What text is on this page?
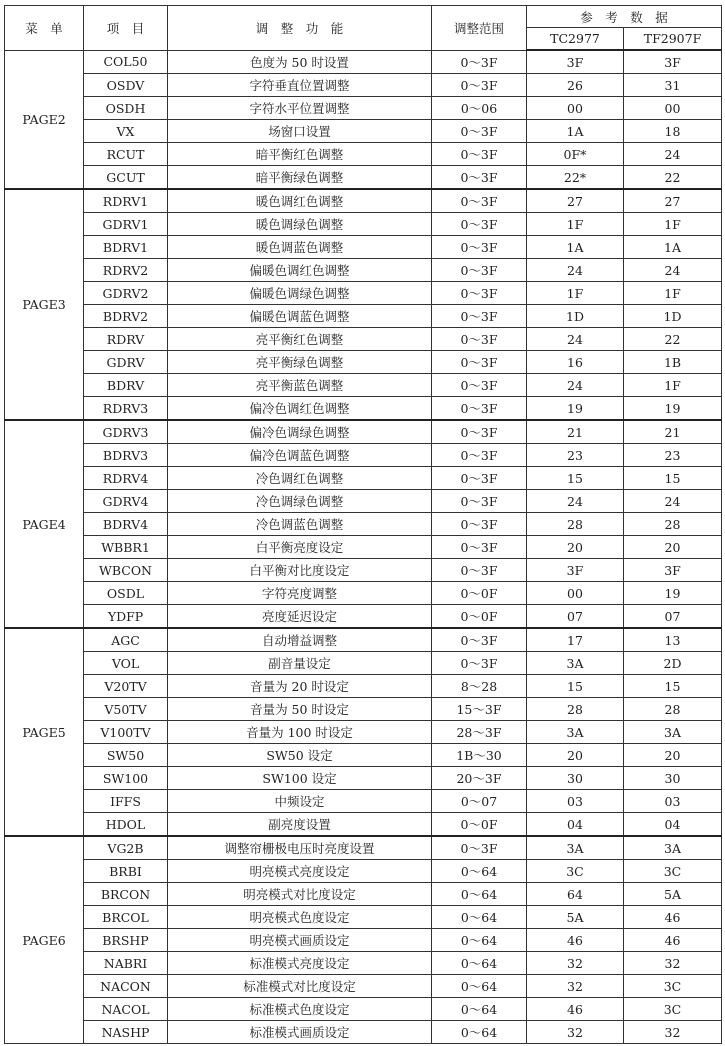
菜　单	项　目	调　整　功　能	调整范围	参　考　数　据	
				TC2977	TF2907F
PAGE2	COL50	色度为 50 时设置	0～3F	3F	3F
	OSDV	字符垂直位置调整	0～3F	26	31
	OSDH	字符水平位置调整	0～06	00	00
	VX	场窗口设置	0～3F	1A	18
	RCUT	暗平衡红色调整	0～3F	0F*	24
	GCUT	暗平衡绿色调整	0～3F	22*	22
PAGE3	RDRV1	暖色调红色调整	0～3F	27	27
	GDRV1	暖色调绿色调整	0～3F	1F	1F
	BDRV1	暖色调蓝色调整	0～3F	1A	1A
	RDRV2	偏暖色调红色调整	0～3F	24	24
	GDRV2	偏暖色调绿色调整	0～3F	1F	1F
	BDRV2	偏暖色调蓝色调整	0～3F	1D	1D
	RDRV	亮平衡红色调整	0～3F	24	22
	GDRV	亮平衡绿色调整	0～3F	16	1B
	BDRV	亮平衡蓝色调整	0～3F	24	1F
	RDRV3	偏冷色调红色调整	0～3F	19	19
PAGE4	GDRV3	偏冷色调绿色调整	0～3F	21	21
	BDRV3	偏冷色调蓝色调整	0～3F	23	23
	RDRV4	冷色调红色调整	0～3F	15	15
	GDRV4	冷色调绿色调整	0～3F	24	24
	BDRV4	冷色调蓝色调整	0～3F	28	28
	WBBR1	白平衡亮度设定	0～3F	20	20
	WBCON	白平衡对比度设定	0～3F	3F	3F
	OSDL	字符亮度调整	0～0F	00	19
	YDFP	亮度延迟设定	0～0F	07	07
PAGE5	AGC	自动增益调整	0～3F	17	13
	VOL	副音量设定	0～3F	3A	2D
	V20TV	音量为 20 时设定	8～28	15	15
	V50TV	音量为 50 时设定	15～3F	28	28
	V100TV	音量为 100 时设定	28～3F	3A	3A
	SW50	SW50 设定	1B～30	20	20
	SW100	SW100 设定	20～3F	30	30
	IFFS	中频设定	0～07	03	03
	HDOL	副亮度设置	0～0F	04	04
PAGE6	VG2B	调整帘栅极电压时亮度设置	0～3F	3A	3A
	BRBI	明亮模式亮度设定	0～64	3C	3C
	BRCON	明亮模式对比度设定	0～64	64	5A
	BRCOL	明亮模式色度设定	0～64	5A	46
	BRSHP	明亮模式画质设定	0～64	46	46
	NABRI	标准模式亮度设定	0～64	32	32
	NACON	标准模式对比度设定	0～64	32	3C
	NACOL	标准模式色度设定	0～64	46	3C
	NASHP	标准模式画质设定	0～64	32	32
